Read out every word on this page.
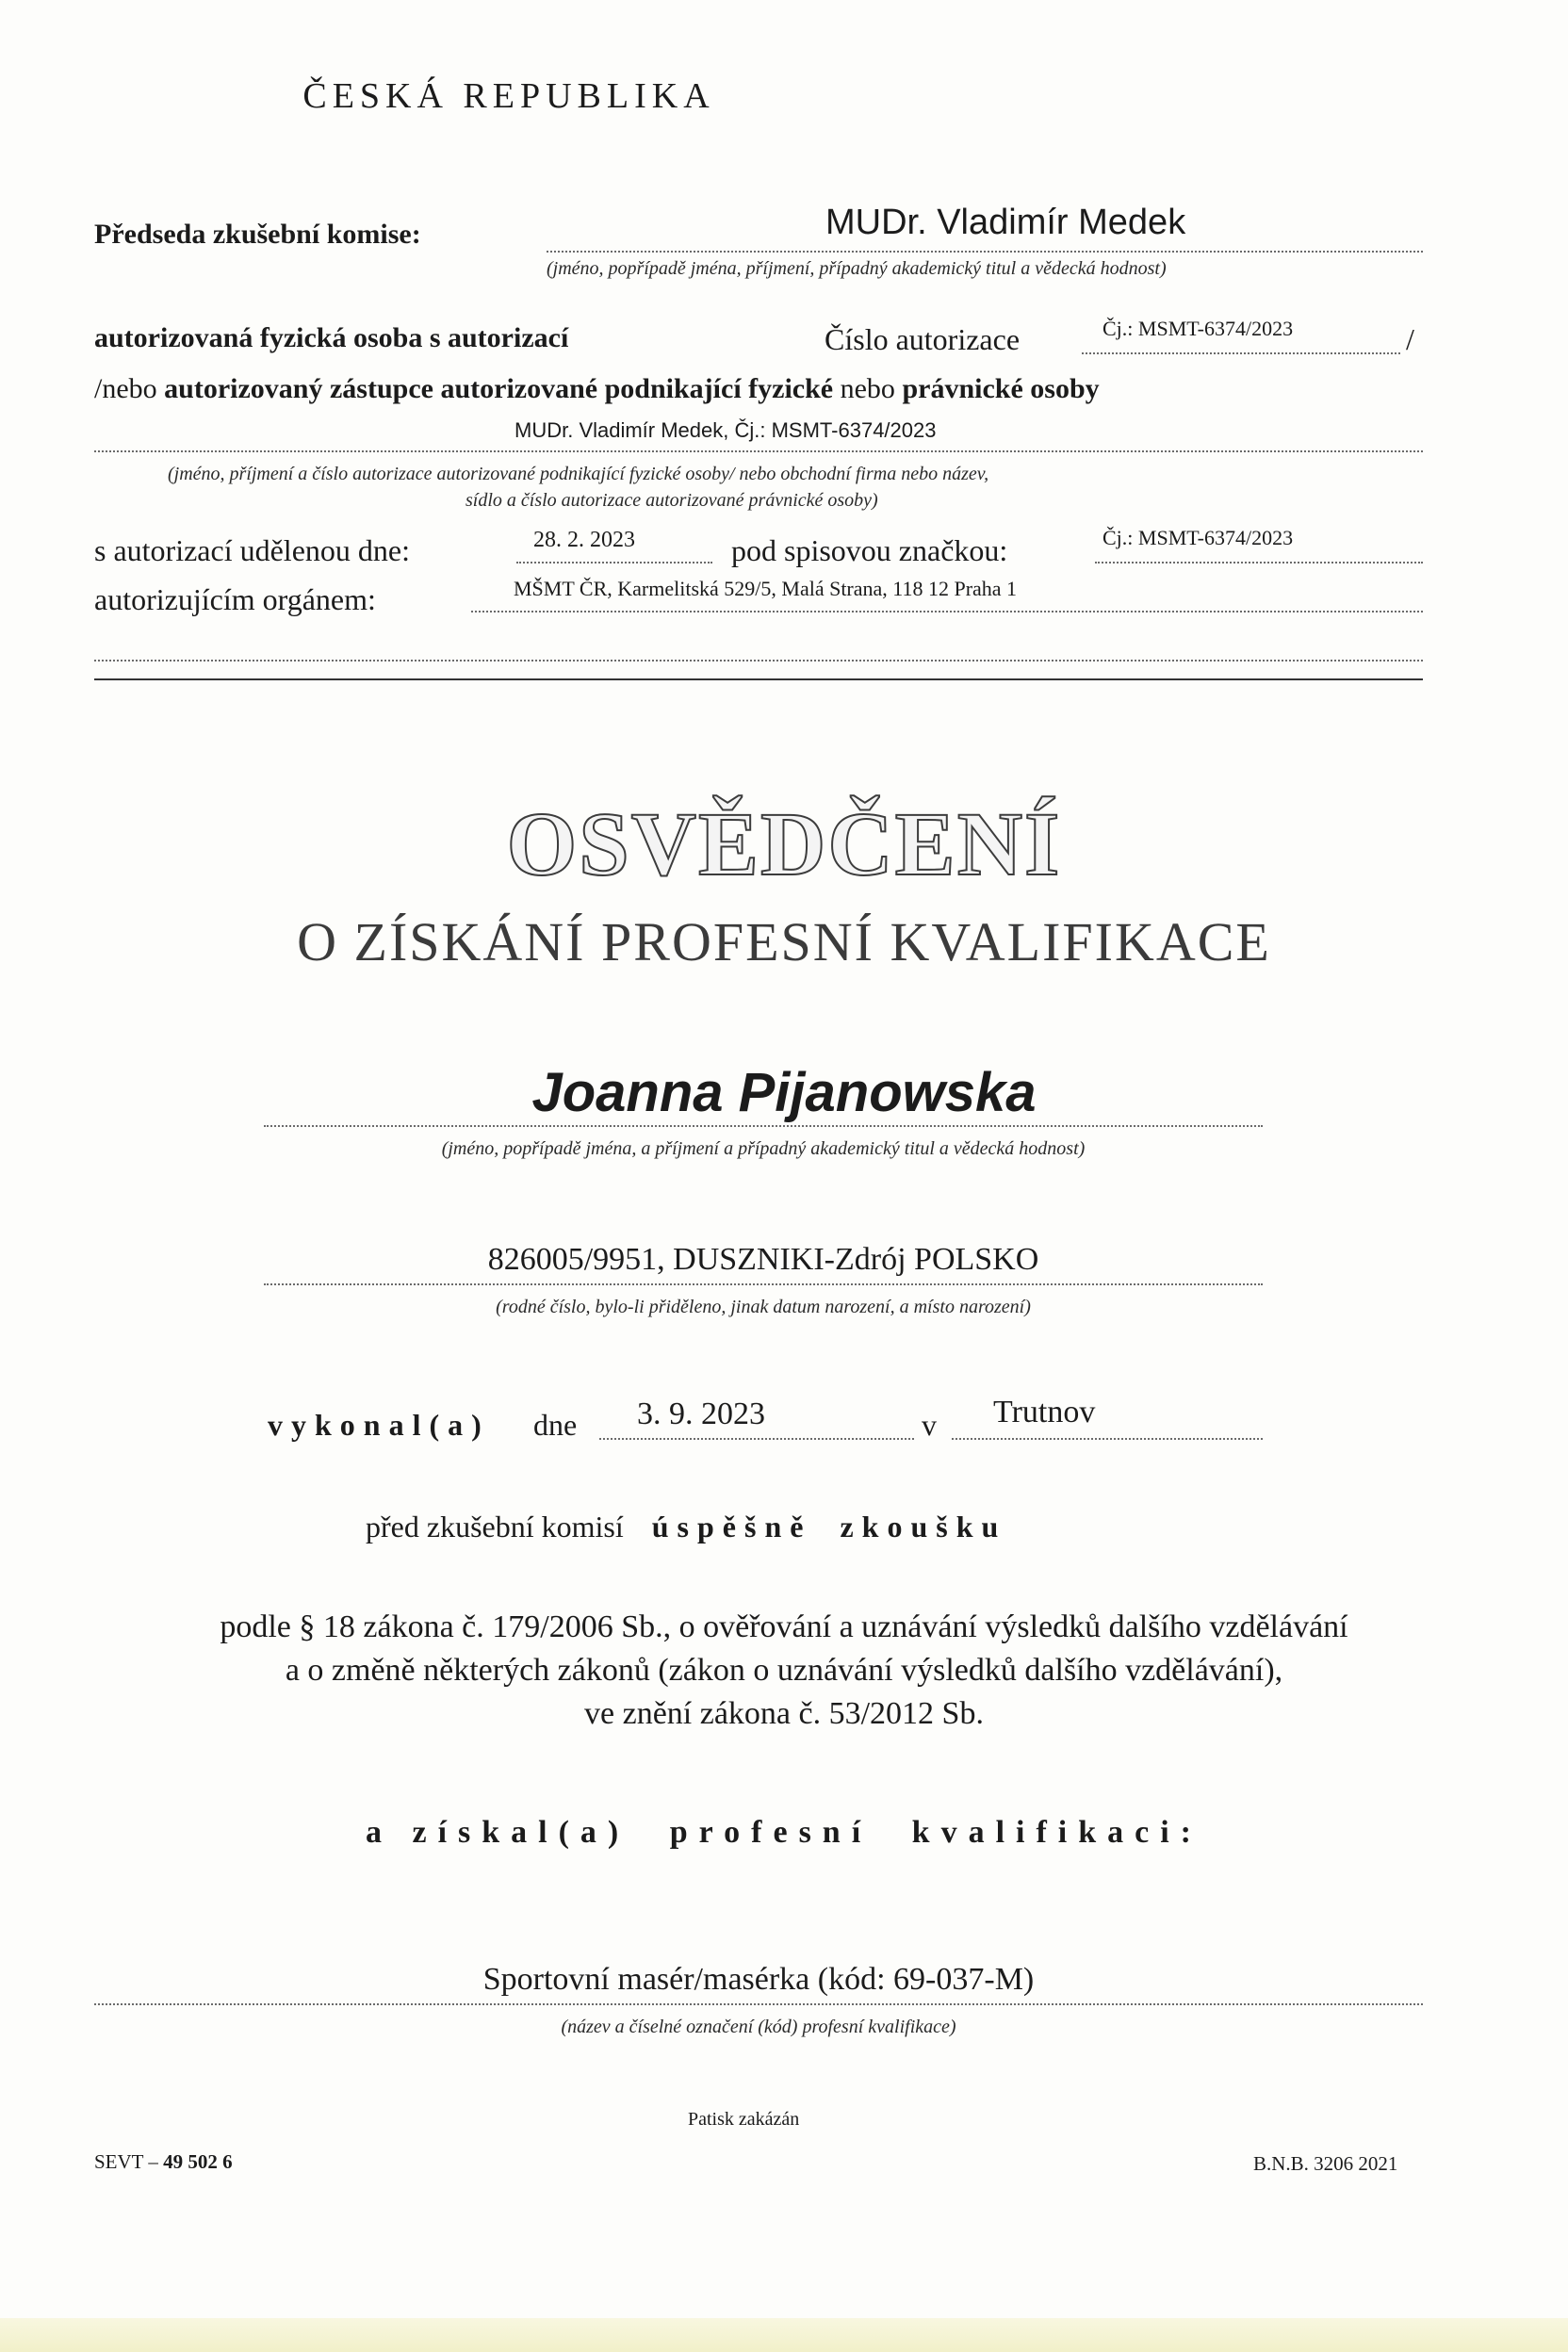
ČESKÁ REPUBLIKA
Předseda zkušební komise:	MUDr. Vladimír Medek
(jméno, popřípadě jména, příjmení, případný akademický titul a vědecká hodnost)
autorizovaná fyzická osoba s autorizací	Číslo autorizace	Čj.: MSMT-6374/2023	/
/nebo autorizovaný zástupce autorizované podnikající fyzické nebo právnické osoby
MUDr. Vladimír Medek, Čj.: MSMT-6374/2023
(jméno, příjmení a číslo autorizace autorizované podnikající fyzické osoby/ nebo obchodní firma nebo název,
sídlo a číslo autorizace autorizované právnické osoby)
s autorizací udělenou dne:	28. 2. 2023	pod spisovou značkou:	Čj.: MSMT-6374/2023
autorizujícím orgánem:	MŠMT ČR, Karmelitská 529/5, Malá Strana, 118 12 Praha 1
OSVĚDČENÍ
O ZÍSKÁNÍ PROFESNÍ KVALIFIKACE
Joanna Pijanowska
(jméno, popřípadě jména, a příjmení a případný akademický titul a vědecká hodnost)
826005/9951, DUSZNIKI-Zdrój POLSKO
(rodné číslo, bylo-li přiděleno, jinak datum narození, a místo narození)
vykonal(a) dne 3. 9. 2023	v Trutnov
před zkušební komisí úspěšně zkoušku
podle § 18 zákona č. 179/2006 Sb., o ověřování a uznávání výsledků dalšího vzdělávání
a o změně některých zákonů (zákon o uznávání výsledků dalšího vzdělávání),
ve znění zákona č. 53/2012 Sb.
a získal(a) profesní kvalifikaci:
Sportovní masér/masérka (kód: 69-037-M)
(název a číselné označení (kód) profesní kvalifikace)
Patisk zakázán
SEVT – 49 502 6	B.N.B. 3206 2021
